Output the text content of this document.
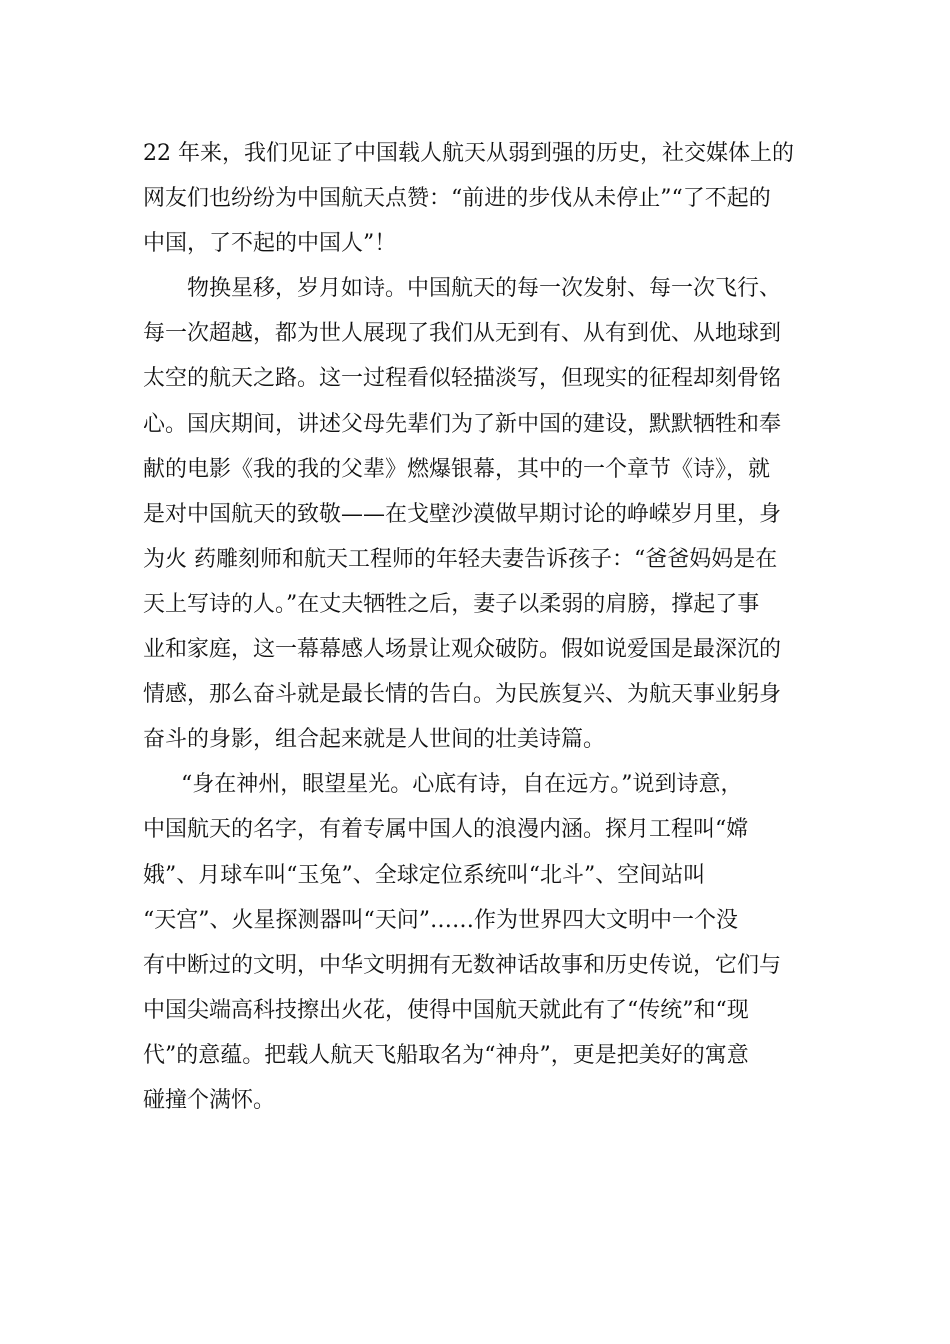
22 年来，我们见证了中国载人航天从弱到强的历史，社交媒体上的
网友们也纷纷为中国航天点赞：“前进的步伐从未停止”“了不起的
中国，了不起的中国人”！

物换星移，岁月如诗。中国航天的每一次发射、每一次飞行、
每一次超越，都为世人展现了我们从无到有、从有到优、从地球到
太空的航天之路。这一过程看似轻描淡写，但现实的征程却刻骨铭
心。国庆期间，讲述父母先辈们为了新中国的建设，默默牺牲和奉
献的电影《我的我的父辈》燃爆银幕，其中的一个章节《诗》，就
是对中国航天的致敬——在戈壁沙漠做早期讨论的峥嵘岁月里，身
为火 药雕刻师和航天工程师的年轻夫妻告诉孩子：“爸爸妈妈是在
天上写诗的人。”在丈夫牺牲之后，妻子以柔弱的肩膀，撑起了事
业和家庭，这一幕幕感人场景让观众破防。假如说爱国是最深沉的
情感，那么奋斗就是最长情的告白。为民族复兴、为航天事业躬身
奋斗的身影，组合起来就是人世间的壮美诗篇。

“身在神州，眼望星光。心底有诗，自在远方。”说到诗意，
中国航天的名字，有着专属中国人的浪漫内涵。探月工程叫“嫦
娥”、月球车叫“玉兔”、全球定位系统叫“北斗”、空间站叫
“天宫”、火星探测器叫“天问”……作为世界四大文明中一个没
有中断过的文明，中华文明拥有无数神话故事和历史传说，它们与
中国尖端高科技擦出火花，使得中国航天就此有了“传统”和“现
代”的意蕴。把载人航天飞船取名为“神舟”，更是把美好的寓意
碰撞个满怀。
